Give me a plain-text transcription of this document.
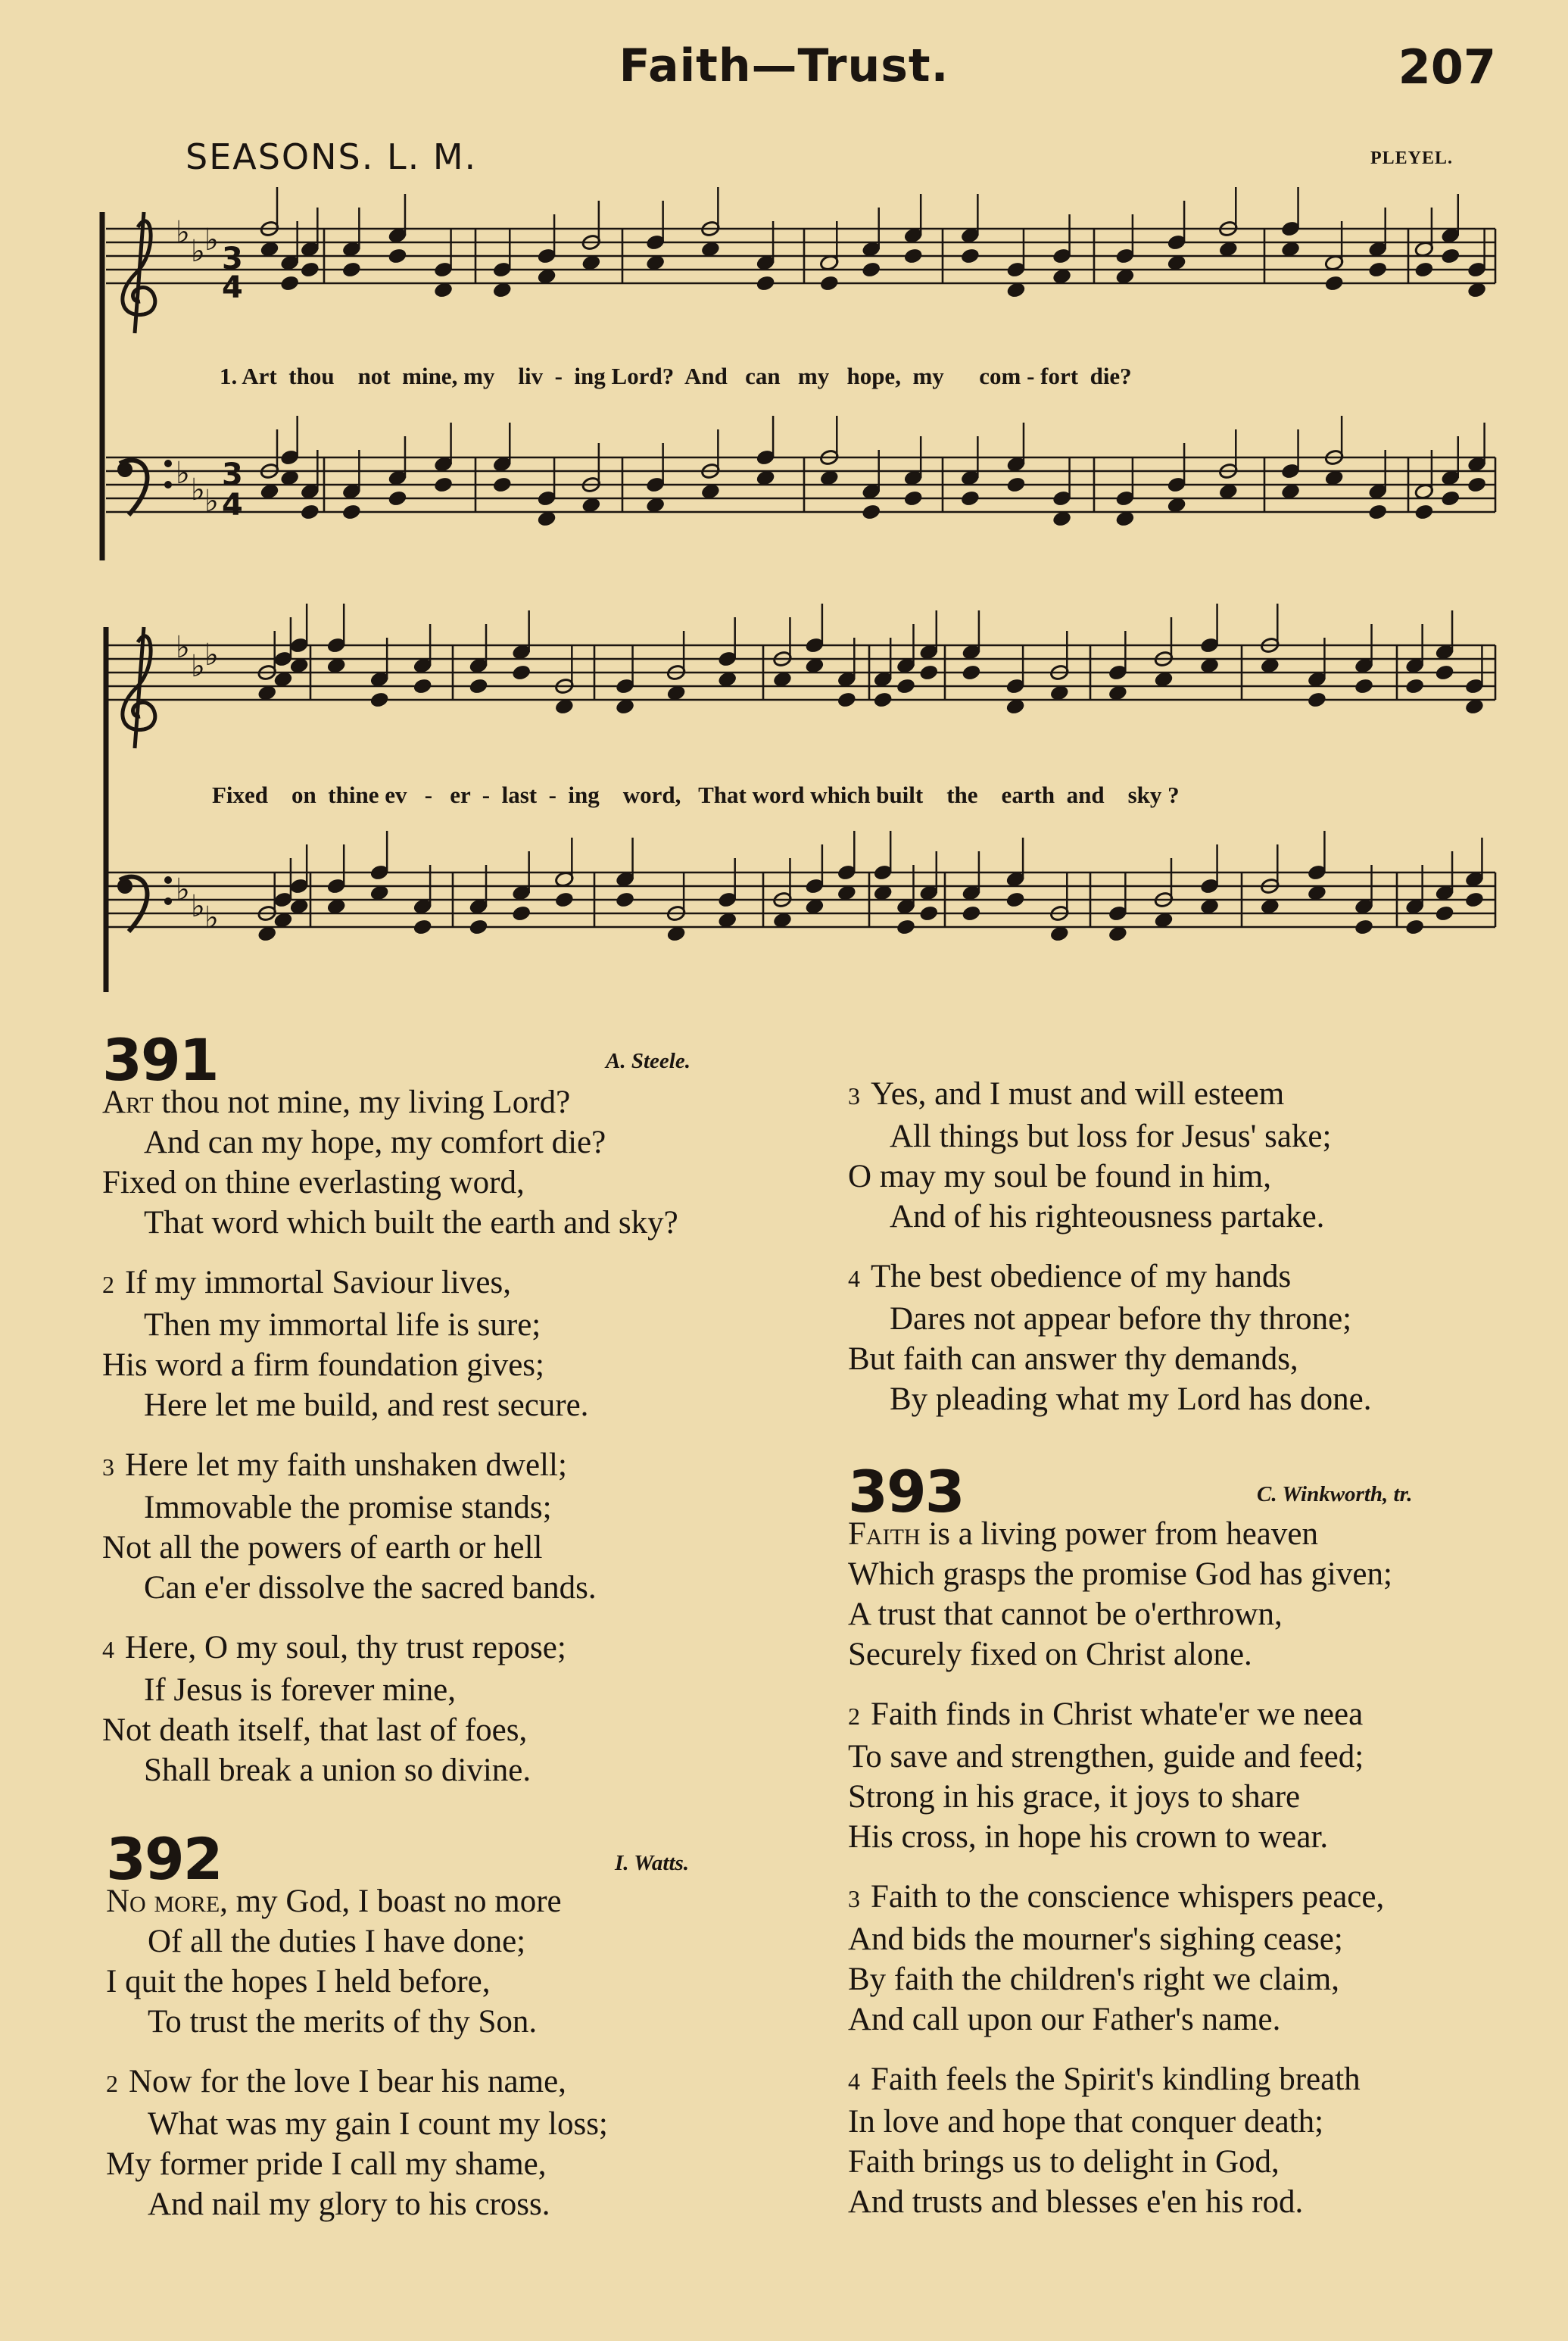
Faith—Trust.	207
SEASONS. L. M.	PLEYEL.
3
4
3
4
♭
♭ ♭
♭ ♭ ♭
♭
♭ ♭
♭ ♭ ♭
1. Art  thou    not  mine, my    liv  -  ing Lord?  And   can   my   hope,  my      com - fort  die?
Fixed    on  thine ev   -   er  -  last  -  ing    word,   That word which built    the    earth  and    sky ?
391	A. Steele.
Art thou not mine, my living Lord?
And can my hope, my comfort die?
Fixed on thine everlasting word,
That word which built the earth and sky?
2 If my immortal Saviour lives,
Then my immortal life is sure;
His word a firm foundation gives;
Here let me build, and rest secure.
3 Here let my faith unshaken dwell;
Immovable the promise stands;
Not all the powers of earth or hell
Can e'er dissolve the sacred bands.
4 Here, O my soul, thy trust repose;
If Jesus is forever mine,
Not death itself, that last of foes,
Shall break a union so divine.
392	I. Watts.
No more, my God, I boast no more
Of all the duties I have done;
I quit the hopes I held before,
To trust the merits of thy Son.
2 Now for the love I bear his name,
What was my gain I count my loss;
My former pride I call my shame,
And nail my glory to his cross.
3 Yes, and I must and will esteem
All things but loss for Jesus' sake;
O may my soul be found in him,
And of his righteousness partake.
4 The best obedience of my hands
Dares not appear before thy throne;
But faith can answer thy demands,
By pleading what my Lord has done.
393	C. Winkworth, tr.
Faith is a living power from heaven
Which grasps the promise God has given;
A trust that cannot be o'erthrown,
Securely fixed on Christ alone.
2 Faith finds in Christ whate'er we neea
To save and strengthen, guide and feed;
Strong in his grace, it joys to share
His cross, in hope his crown to wear.
3 Faith to the conscience whispers peace,
And bids the mourner's sighing cease;
By faith the children's right we claim,
And call upon our Father's name.
4 Faith feels the Spirit's kindling breath
In love and hope that conquer death;
Faith brings us to delight in God,
And trusts and blesses e'en his rod.
